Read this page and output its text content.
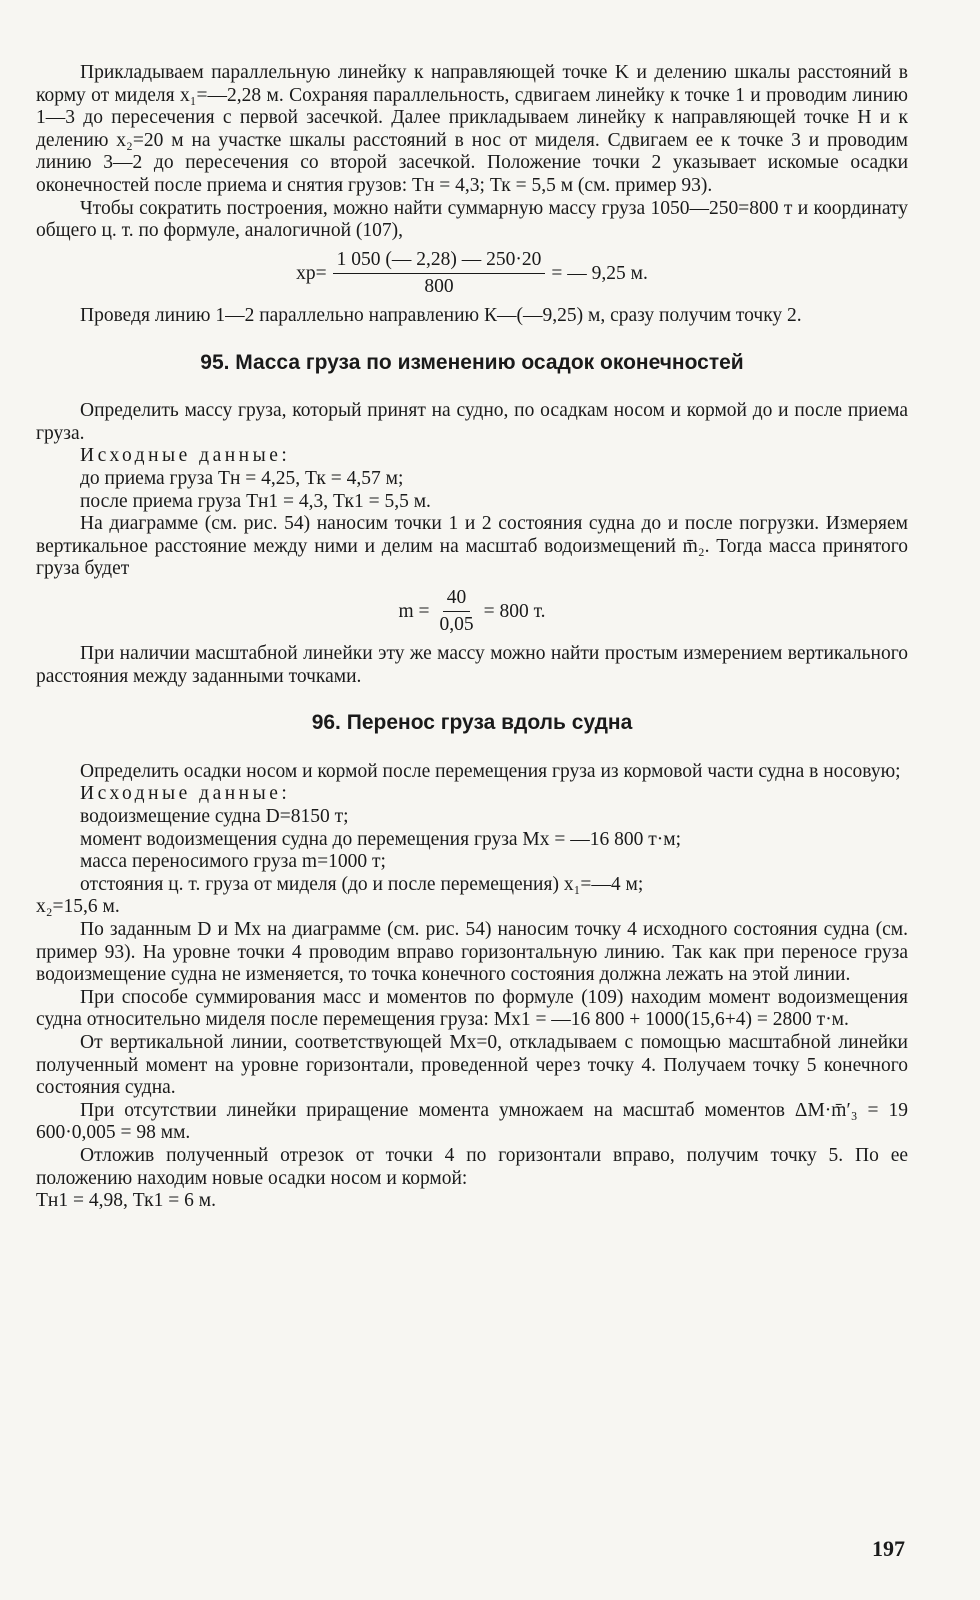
Прикладываем параллельную линейку к направляющей точке K и делению шкалы расстояний в корму от миделя x₁=—2,28 м. Сохраняя параллельность, сдвигаем линейку к точке 1 и проводим линию 1—3 до пересечения с первой засечкой. Далее прикладываем линейку к направляющей точке H и к делению x₂=20 м на участке шкалы расстояний в нос от миделя. Сдвигаем ее к точке 3 и проводим линию 3—2 до пересечения со второй засечкой. Положение точки 2 указывает искомые осадки оконечностей после приема и снятия грузов: Тн = 4,3; Тк = 5,5 м (см. пример 93).

Чтобы сократить построения, можно найти суммарную массу груза 1050—250=800 т и координату общего ц. т. по формуле, аналогичной (107),

$xp= \frac{1 050 (— 2,28) — 250\cdot 20}{800}$ = — 9,25 м.

Проведя линию 1—2 параллельно направлению К—(—9,25) м, сразу получим точку 2.

95. Масса груза по изменению осадок оконечностей

Определить массу груза, который принят на судно, по осадкам носом и кормой до и после приема груза.

Исходные данные:

до приема груза Тн = 4,25, Тк = 4,57 м;

после приема груза Тн1 = 4,3, Тк1 = 5,5 м.

На диаграмме (см. рис. 54) наносим точки 1 и 2 состояния судна до и после погрузки. Измеряем вертикальное расстояние между ними и делим на масштаб водоизмещений m̄₂. Тогда масса принятого груза будет

$m = \frac{40}{0,05} = 800$ т.

При наличии масштабной линейки эту же массу можно найти простым измерением вертикального расстояния между заданными точками.

96. Перенос груза вдоль судна

Определить осадки носом и кормой после перемещения груза из кормовой части судна в носовую;

Исходные данные:

водоизмещение судна D=8150 т;

момент водоизмещения судна до перемещения груза Mx = —16 800 т·м;

масса переносимого груза m=1000 т;

отстояния ц. т. груза от миделя (до и после перемещения) x₁=—4 м;

x₂=15,6 м.

По заданным D и Mx на диаграмме (см. рис. 54) наносим точку 4 исходного состояния судна (см. пример 93). На уровне точки 4 проводим вправо горизонтальную линию. Так как при переносе груза водоизмещение судна не изменяется, то точка конечного состояния должна лежать на этой линии.

При способе суммирования масс и моментов по формуле (109) находим момент водоизмещения судна относительно миделя после перемещения груза: Mx1 = —16 800 + 1000(15,6+4) = 2800 т·м.

От вертикальной линии, соответствующей Mx=0, откладываем с помощью масштабной линейки полученный момент на уровне горизонтали, проведенной через точку 4. Получаем точку 5 конечного состояния судна.

При отсутствии линейки приращение момента умножаем на масштаб моментов ΔM·m̄′₃ = 19 600·0,005 = 98 мм.

Отложив полученный отрезок от точки 4 по горизонтали вправо, получим точку 5. По ее положению находим новые осадки носом и кормой:

Тн1 = 4,98, Тк1 = 6 м.

197
